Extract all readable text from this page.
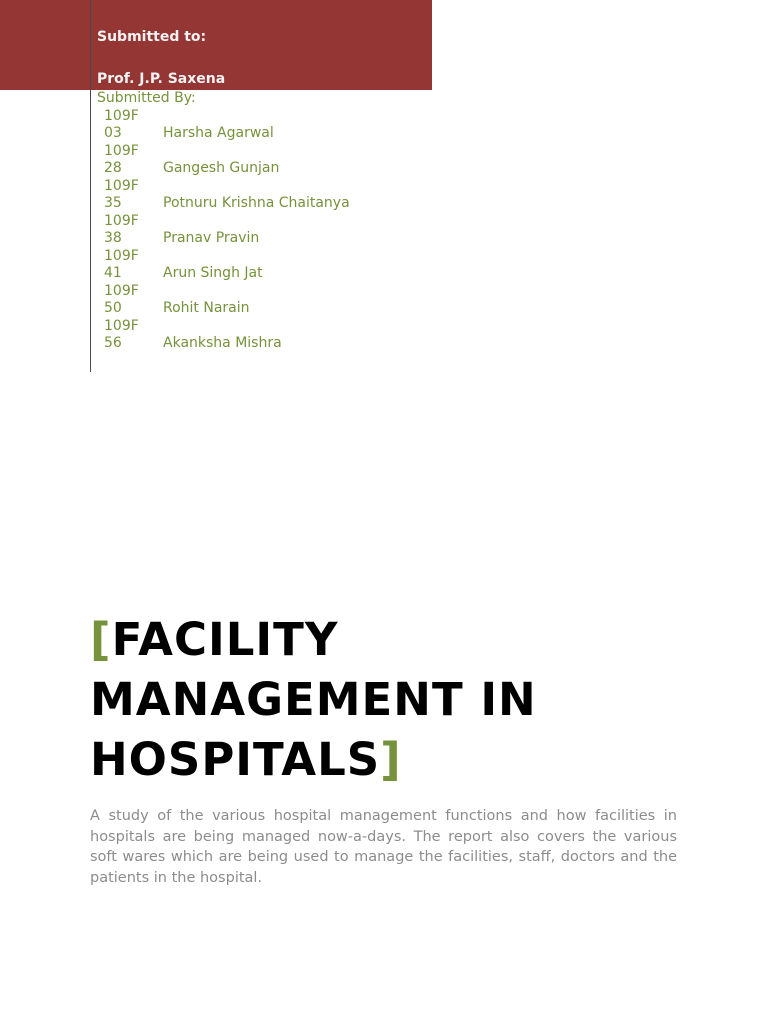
Submitted to:
Prof. J.P. Saxena
Submitted By:
109F
03	Harsha Agarwal
109F
28	Gangesh Gunjan
109F
35	Potnuru Krishna Chaitanya
109F
38	Pranav Pravin
109F
41	Arun Singh Jat
109F
50	Rohit Narain
109F
56	Akanksha Mishra
[FACILITY
MANAGEMENT IN
HOSPITALS]
A study of the various hospital management functions and how facilities in hospitals are being managed now-a-days. The report also covers the various soft wares which are being used to manage the facilities, staff, doctors and the patients in the hospital.
